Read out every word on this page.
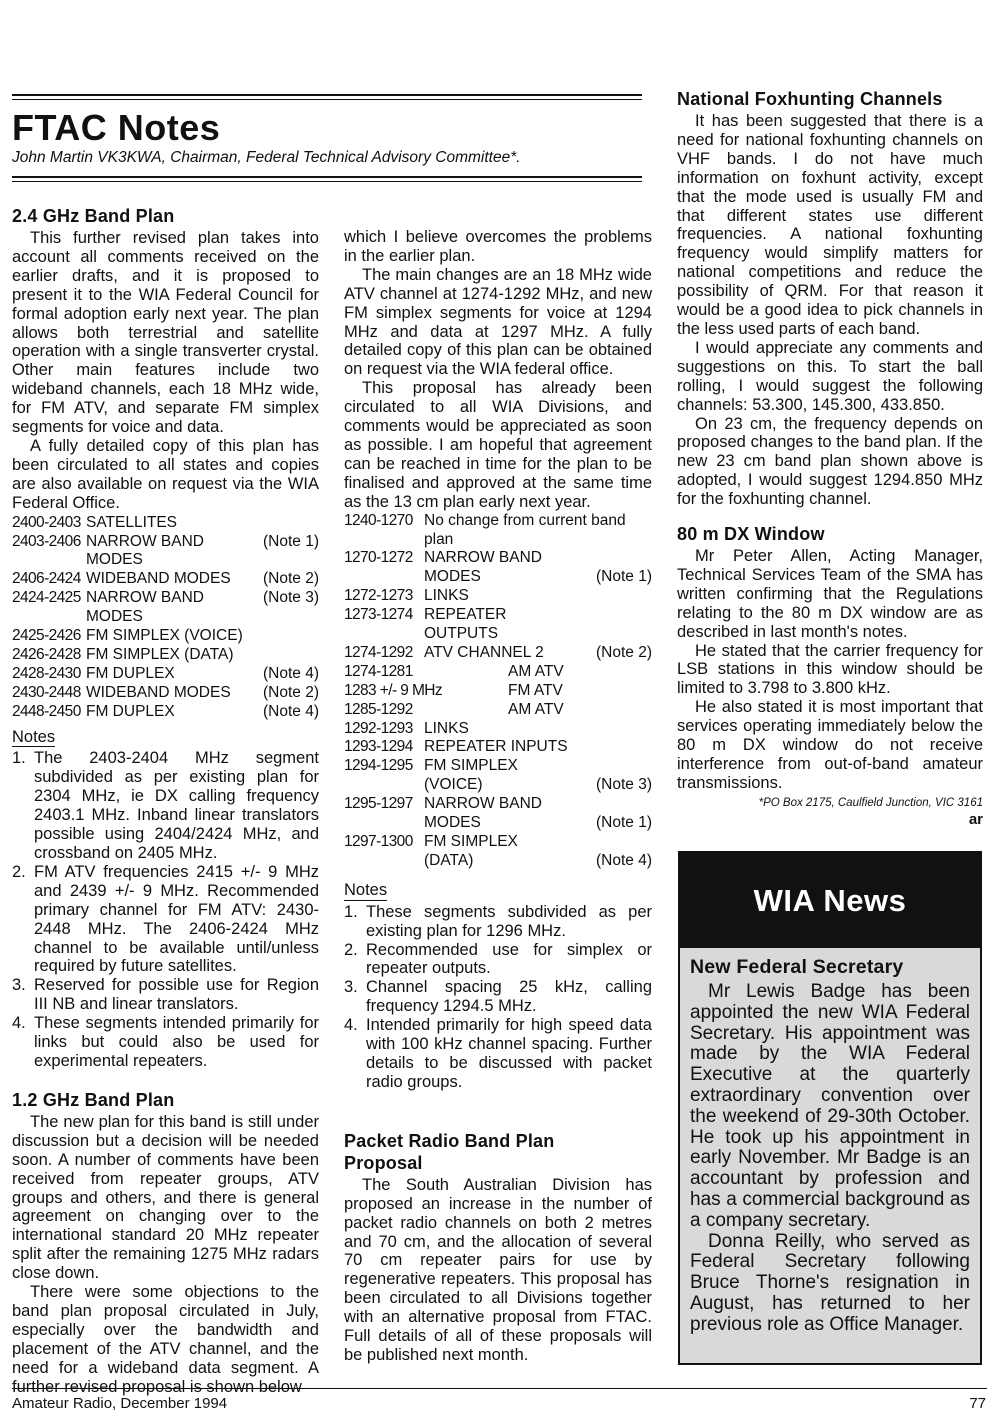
FTAC Notes
John Martin VK3KWA, Chairman, Federal Technical Advisory Committee*.
2.4 GHz Band Plan

This further revised plan takes into account all comments received on the earlier drafts, and it is proposed to present it to the WIA Federal Council for formal adoption early next year. The plan allows both terrestrial and satellite operation with a single transverter crystal. Other main features include two wideband channels, each 18 MHz wide, for FM ATV, and separate FM simplex segments for voice and data.

A fully detailed copy of this plan has been circulated to all states and copies are also available on request via the WIA Federal Office.

2400-2403 SATELLITES
2403-2406 NARROW BAND MODES
(Note 1)
2406-2424 WIDEBAND MODES	(Note 2)
2424-2425 NARROW BAND MODES
(Note 3)
2425-2426 FM SIMPLEX (VOICE)
2426-2428 FM SIMPLEX (DATA)
2428-2430 FM DUPLEX	(Note 4)
2430-2448 WIDEBAND MODES	(Note 2)
2448-2450 FM DUPLEX	(Note 4)
Notes
1. The 2403-2404 MHz segment subdivided as per existing plan for 2304 MHz, ie DX calling frequency 2403.1 MHz. Inband linear translators possible using 2404/2424 MHz, and crossband on 2405 MHz.
2. FM ATV frequencies 2415 +/- 9 MHz and 2439 +/- 9 MHz. Recommended primary channel for FM ATV: 2430-2448 MHz. The 2406-2424 MHz channel to be available until/unless required by future satellites.
3. Reserved for possible use for Region III NB and linear translators.
4. These segments intended primarily for links but could also be used for experimental repeaters.
1.2 GHz Band Plan

The new plan for this band is still under discussion but a decision will be needed soon. A number of comments have been received from repeater groups, ATV groups and others, and there is general agreement on changing over to the international standard 20 MHz repeater split after the remaining 1275 MHz radars close down.

There were some objections to the band plan proposal circulated in July, especially over the bandwidth and placement of the ATV channel, and the need for a wideband data segment. A further revised proposal is shown below

which I believe overcomes the problems in the earlier plan.

The main changes are an 18 MHz wide ATV channel at 1274-1292 MHz, and new FM simplex segments for voice at 1294 MHz and data at 1297 MHz. A fully detailed copy of this plan can be obtained on request via the WIA federal office.

This proposal has already been circulated to all WIA Divisions, and comments would be appreciated as soon as possible. I am hopeful that agreement can be reached in time for the plan to be finalised and approved at the same time as the 13 cm plan early next year.

1240-1270 No change from current band
plan
1270-1272 NARROW BAND
MODES	(Note 1)
1272-1273 LINKS
1273-1274 REPEATER
OUTPUTS
1274-1292 ATV CHANNEL 2	(Note 2)
1274-1281	AM ATV
1283 +/- 9 MHz	FM ATV
1285-1292	AM ATV
1292-1293 LINKS
1293-1294 REPEATER INPUTS
1294-1295 FM SIMPLEX
(VOICE)	(Note 3)
1295-1297 NARROW BAND
MODES	(Note 1)
1297-1300 FM SIMPLEX
(DATA)	(Note 4)
Notes
1. These segments subdivided as per existing plan for 1296 MHz.
2. Recommended use for simplex or repeater outputs.
3. Channel spacing 25 kHz, calling frequency 1294.5 MHz.
4. Intended primarily for high speed data with 100 kHz channel spacing. Further details to be discussed with packet radio groups.
Packet Radio Band Plan Proposal

The South Australian Division has proposed an increase in the number of packet radio channels on both 2 metres and 70 cm, and the allocation of several 70 cm repeater pairs for use by regenerative repeaters. This proposal has been circulated to all Divisions together with an alternative proposal from FTAC. Full details of all of these proposals will be published next month.

National Foxhunting Channels

It has been suggested that there is a need for national foxhunting channels on VHF bands. I do not have much information on foxhunt activity, except that the mode used is usually FM and that different states use different frequencies. A national foxhunting frequency would simplify matters for national competitions and reduce the possibility of QRM. For that reason it would be a good idea to pick channels in the less used parts of each band.

I would appreciate any comments and suggestions on this. To start the ball rolling, I would suggest the following channels: 53.300, 145.300, 433.850.

On 23 cm, the frequency depends on proposed changes to the band plan. If the new 23 cm band plan shown above is adopted, I would suggest 1294.850 MHz for the foxhunting channel.

80 m DX Window

Mr Peter Allen, Acting Manager, Technical Services Team of the SMA has written confirming that the Regulations relating to the 80 m DX window are as described in last month's notes.

He stated that the carrier frequency for LSB stations in this window should be limited to 3.798 to 3.800 kHz.

He also stated it is most important that services operating immediately below the 80 m DX window do not receive interference from out-of-band amateur transmissions.

*PO Box 2175, Caulfield Junction, VIC 3161
ar
WIA News
New Federal Secretary

Mr Lewis Badge has been appointed the new WIA Federal Secretary. His appointment was made by the WIA Federal Executive at the quarterly extraordinary convention over the weekend of 29-30th October. He took up his appointment in early November. Mr Badge is an accountant by profession and has a commercial background as a company secretary.

Donna Reilly, who served as Federal Secretary following Bruce Thorne's resignation in August, has returned to her previous role as Office Manager.

Amateur Radio, December 1994	77
